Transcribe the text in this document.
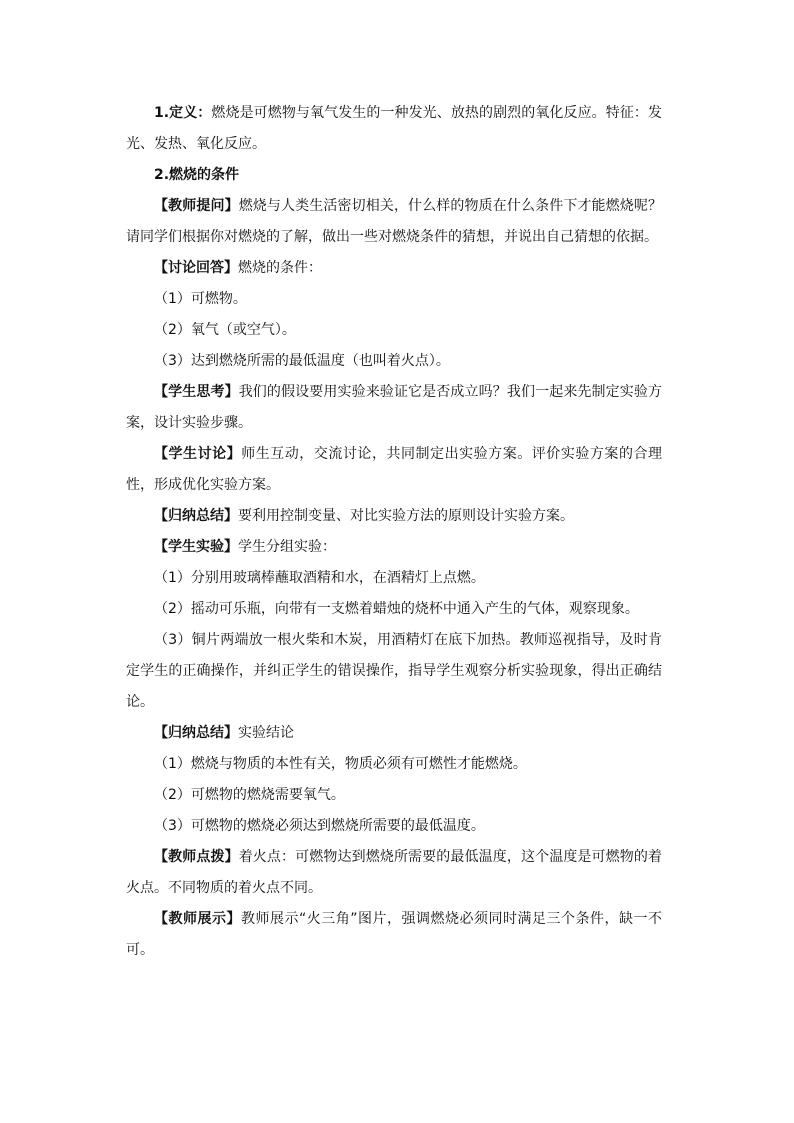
1.定义：燃烧是可燃物与氧气发生的一种发光、放热的剧烈的氧化反应。特征：发光、发热、氧化反应。

2.燃烧的条件

【教师提问】燃烧与人类生活密切相关，什么样的物质在什么条件下才能燃烧呢？请同学们根据你对燃烧的了解，做出一些对燃烧条件的猜想，并说出自己猜想的依据。

【讨论回答】燃烧的条件：

（1）可燃物。

（2）氧气（或空气）。

（3）达到燃烧所需的最低温度（也叫着火点）。

【学生思考】我们的假设要用实验来验证它是否成立吗？我们一起来先制定实验方案，设计实验步骤。

【学生讨论】师生互动，交流讨论，共同制定出实验方案。评价实验方案的合理性，形成优化实验方案。

【归纳总结】要利用控制变量、对比实验方法的原则设计实验方案。

【学生实验】学生分组实验：

（1）分别用玻璃棒蘸取酒精和水，在酒精灯上点燃。

（2）摇动可乐瓶，向带有一支燃着蜡烛的烧杯中通入产生的气体，观察现象。

（3）铜片两端放一根火柴和木炭，用酒精灯在底下加热。教师巡视指导，及时肯定学生的正确操作，并纠正学生的错误操作，指导学生观察分析实验现象，得出正确结论。

【归纳总结】实验结论

（1）燃烧与物质的本性有关，物质必须有可燃性才能燃烧。

（2）可燃物的燃烧需要氧气。

（3）可燃物的燃烧必须达到燃烧所需要的最低温度。

【教师点拨】着火点：可燃物达到燃烧所需要的最低温度，这个温度是可燃物的着火点。不同物质的着火点不同。

【教师展示】教师展示“火三角”图片，强调燃烧必须同时满足三个条件，缺一不可。
